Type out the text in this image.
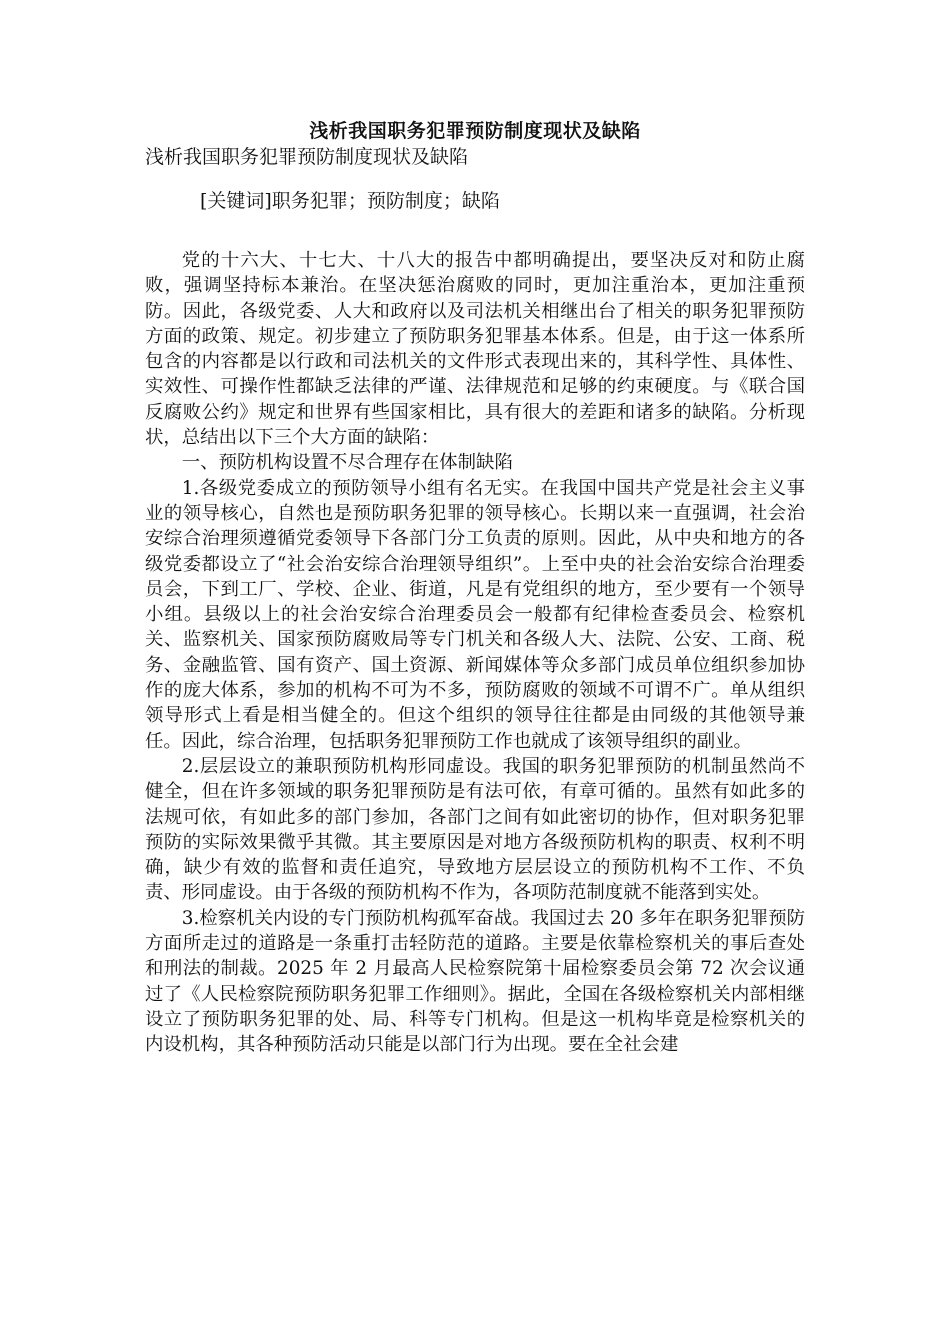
浅析我国职务犯罪预防制度现状及缺陷

浅析我国职务犯罪预防制度现状及缺陷

[关键词]职务犯罪；预防制度；缺陷

党的十六大、十七大、十八大的报告中都明确提出，要坚决反对和防止腐败，强调坚持标本兼治。在坚决惩治腐败的同时，更加注重治本，更加注重预防。因此，各级党委、人大和政府以及司法机关相继出台了相关的职务犯罪预防方面的政策、规定。初步建立了预防职务犯罪基本体系。但是，由于这一体系所包含的内容都是以行政和司法机关的文件形式表现出来的，其科学性、具体性、实效性、可操作性都缺乏法律的严谨、法律规范和足够的约束硬度。与《联合国反腐败公约》规定和世界有些国家相比，具有很大的差距和诸多的缺陷。分析现状，总结出以下三个大方面的缺陷：

一、预防机构设置不尽合理存在体制缺陷

1.各级党委成立的预防领导小组有名无实。在我国中国共产党是社会主义事业的领导核心，自然也是预防职务犯罪的领导核心。长期以来一直强调，社会治安综合治理须遵循党委领导下各部门分工负责的原则。因此，从中央和地方的各级党委都设立了“社会治安综合治理领导组织”。上至中央的社会治安综合治理委员会，下到工厂、学校、企业、街道，凡是有党组织的地方，至少要有一个领导小组。县级以上的社会治安综合治理委员会一般都有纪律检查委员会、检察机关、监察机关、国家预防腐败局等专门机关和各级人大、法院、公安、工商、税务、金融监管、国有资产、国土资源、新闻媒体等众多部门成员单位组织参加协作的庞大体系，参加的机构不可为不多，预防腐败的领域不可谓不广。单从组织领导形式上看是相当健全的。但这个组织的领导往往都是由同级的其他领导兼任。因此，综合治理，包括职务犯罪预防工作也就成了该领导组织的副业。

2.层层设立的兼职预防机构形同虚设。我国的职务犯罪预防的机制虽然尚不健全，但在许多领域的职务犯罪预防是有法可依，有章可循的。虽然有如此多的法规可依，有如此多的部门参加，各部门之间有如此密切的协作，但对职务犯罪预防的实际效果微乎其微。其主要原因是对地方各级预防机构的职责、权利不明确，缺少有效的监督和责任追究，导致地方层层设立的预防机构不工作、不负责、形同虚设。由于各级的预防机构不作为，各项防范制度就不能落到实处。

3.检察机关内设的专门预防机构孤军奋战。我国过去 20 多年在职务犯罪预防方面所走过的道路是一条重打击轻防范的道路。主要是依靠检察机关的事后查处和刑法的制裁。2025 年 2 月最高人民检察院第十届检察委员会第 72 次会议通过了《人民检察院预防职务犯罪工作细则》。据此，全国在各级检察机关内部相继设立了预防职务犯罪的处、局、科等专门机构。但是这一机构毕竟是检察机关的内设机构，其各种预防活动只能是以部门行为出现。要在全社会建
